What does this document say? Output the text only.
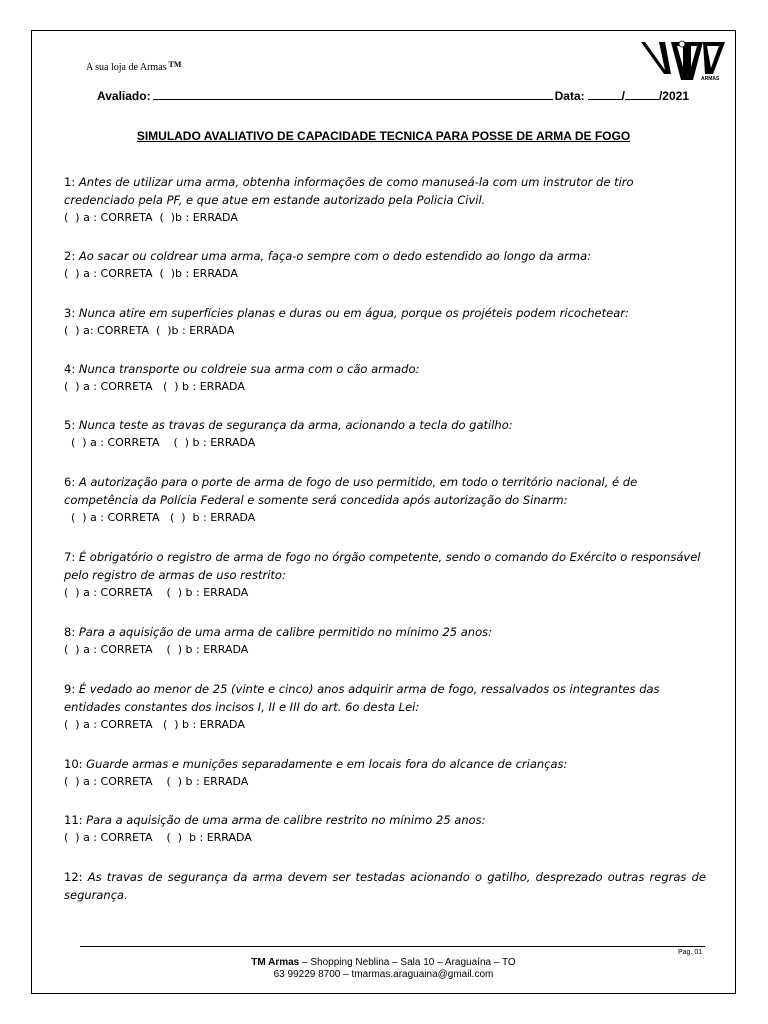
A sua loja de Armas ™
ARMAS
Avaliado:	Data:	/	/2021
SIMULADO AVALIATIVO DE CAPACIDADE TECNICA PARA POSSE DE ARMA DE FOGO
1: Antes de utilizar uma arma, obtenha informações de como manuseá-la com um instrutor de tiro credenciado pela PF, e que atue em estande autorizado pela Policia Civil.
(  ) a : CORRETA  (  )b : ERRADA
2: Ao sacar ou coldrear uma arma, faça-o sempre com o dedo estendido ao longo da arma:
(  ) a : CORRETA  (  )b : ERRADA
3: Nunca atire em superfícies planas e duras ou em água, porque os projéteis podem ricochetear:
(  ) a: CORRETA  (  )b : ERRADA
4: Nunca transporte ou coldreie sua arma com o cão armado:
(  ) a : CORRETA   (  ) b : ERRADA
5: Nunca teste as travas de segurança da arma, acionando a tecla do gatilho:
(  ) a : CORRETA    (  ) b : ERRADA
6: A autorização para o porte de arma de fogo de uso permitido, em todo o território nacional, é de competência da Polícia Federal e somente será concedida após autorização do Sinarm:
(  ) a : CORRETA   (  )  b : ERRADA
7: É obrigatório o registro de arma de fogo no órgão competente, sendo o comando do Exército o responsável pelo registro de armas de uso restrito:
(  ) a : CORRETA    (  ) b : ERRADA
8: Para a aquisição de uma arma de calibre permitido no mínimo 25 anos:
(  ) a : CORRETA    (  ) b : ERRADA
9: É vedado ao menor de 25 (vinte e cinco) anos adquirir arma de fogo, ressalvados os integrantes das entidades constantes dos incisos I, II e III do art. 6o desta Lei:
(  ) a : CORRETA   (  ) b : ERRADA
10: Guarde armas e munições separadamente e em locais fora do alcance de crianças:
(  ) a : CORRETA    (  ) b : ERRADA
11: Para a aquisição de uma arma de calibre restrito no mínimo 25 anos:
(  ) a : CORRETA    (  )  b : ERRADA
12: As travas de segurança da arma devem ser testadas acionando o gatilho, desprezado outras regras de segurança.
Pag. 01
TM Armas – Shopping Neblina – Sala 10 – Araguaína – TO
63 99229 8700 – tmarmas.araguaina@gmail.com
